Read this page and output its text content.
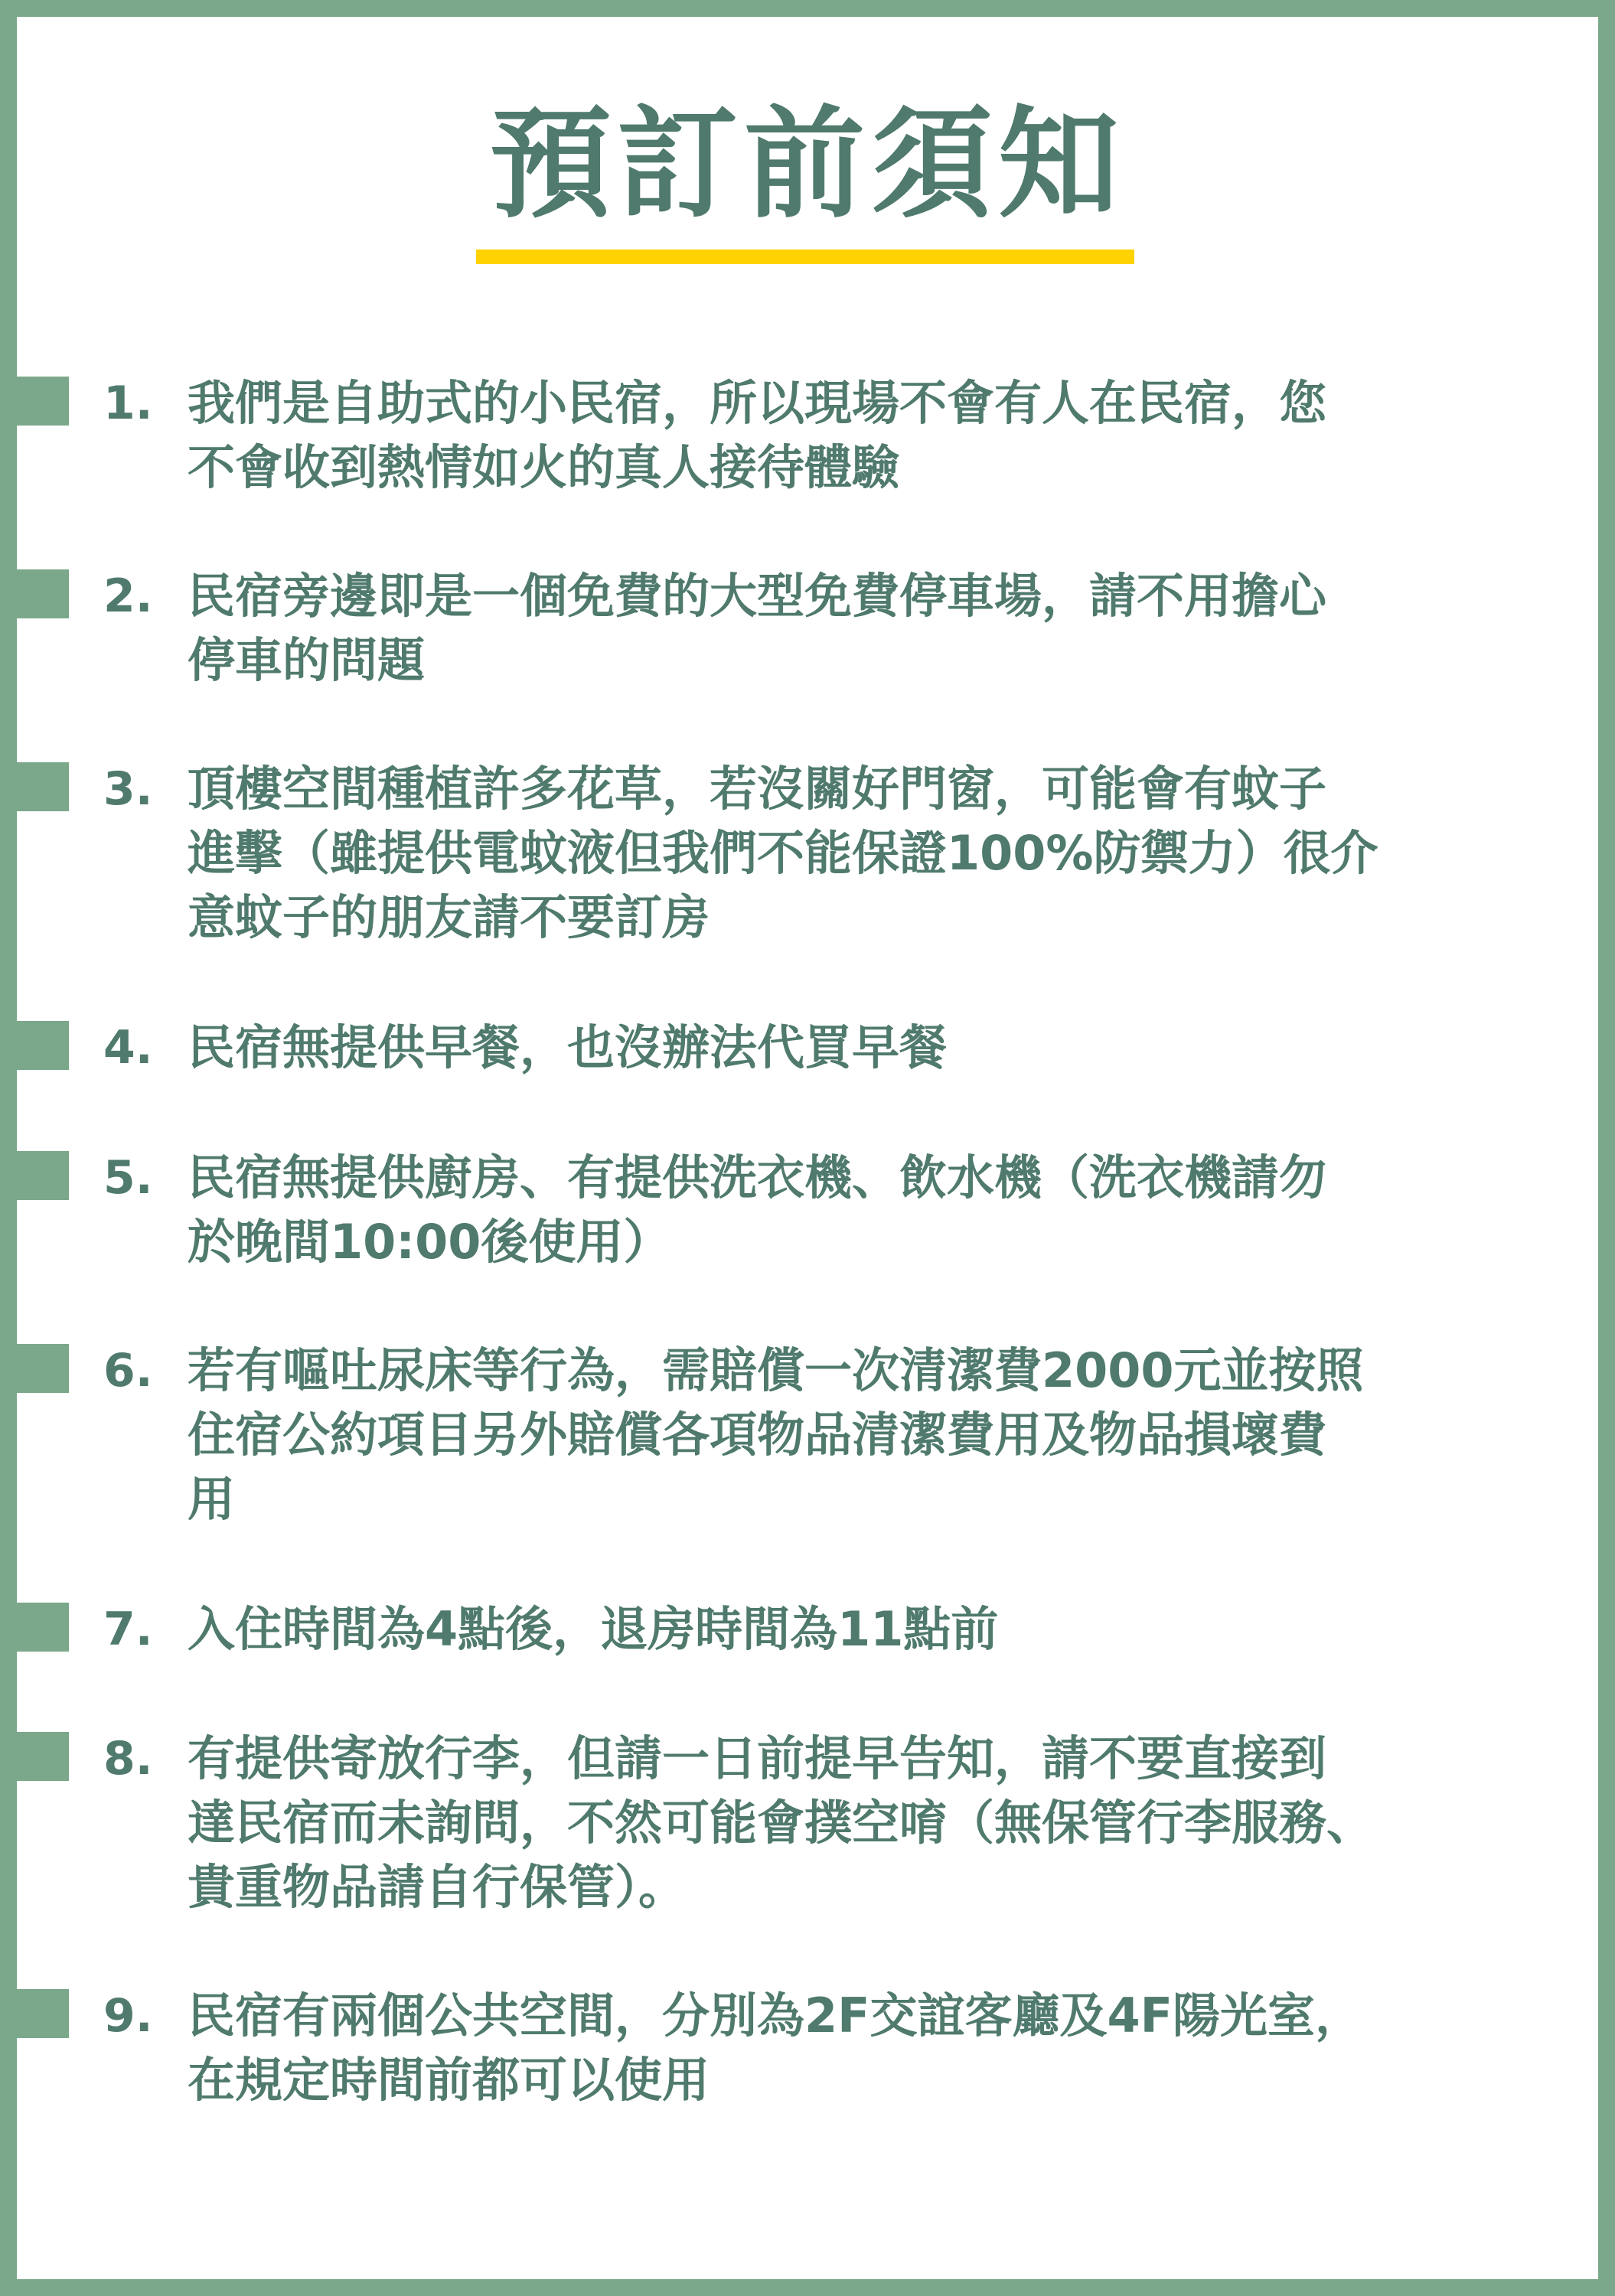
預訂前須知
1. 我們是自助式的小民宿，所以現場不會有人在民宿，您
不會收到熱情如火的真人接待體驗
2. 民宿旁邊即是一個免費的大型免費停車場，請不用擔心
停車的問題
3. 頂樓空間種植許多花草，若沒關好門窗，可能會有蚊子
進擊（雖提供電蚊液但我們不能保證100%防禦力）很介
意蚊子的朋友請不要訂房
4. 民宿無提供早餐，也沒辦法代買早餐
5. 民宿無提供廚房、有提供洗衣機、飲水機（洗衣機請勿
於晚間10:00後使用）
6. 若有嘔吐尿床等行為，需賠償一次清潔費2000元並按照
住宿公約項目另外賠償各項物品清潔費用及物品損壞費
用
7. 入住時間為4點後，退房時間為11點前
8. 有提供寄放行李，但請一日前提早告知，請不要直接到
達民宿而未詢問，不然可能會撲空唷（無保管行李服務、
貴重物品請自行保管）。
9. 民宿有兩個公共空間，分別為2F交誼客廳及4F陽光室，
在規定時間前都可以使用
